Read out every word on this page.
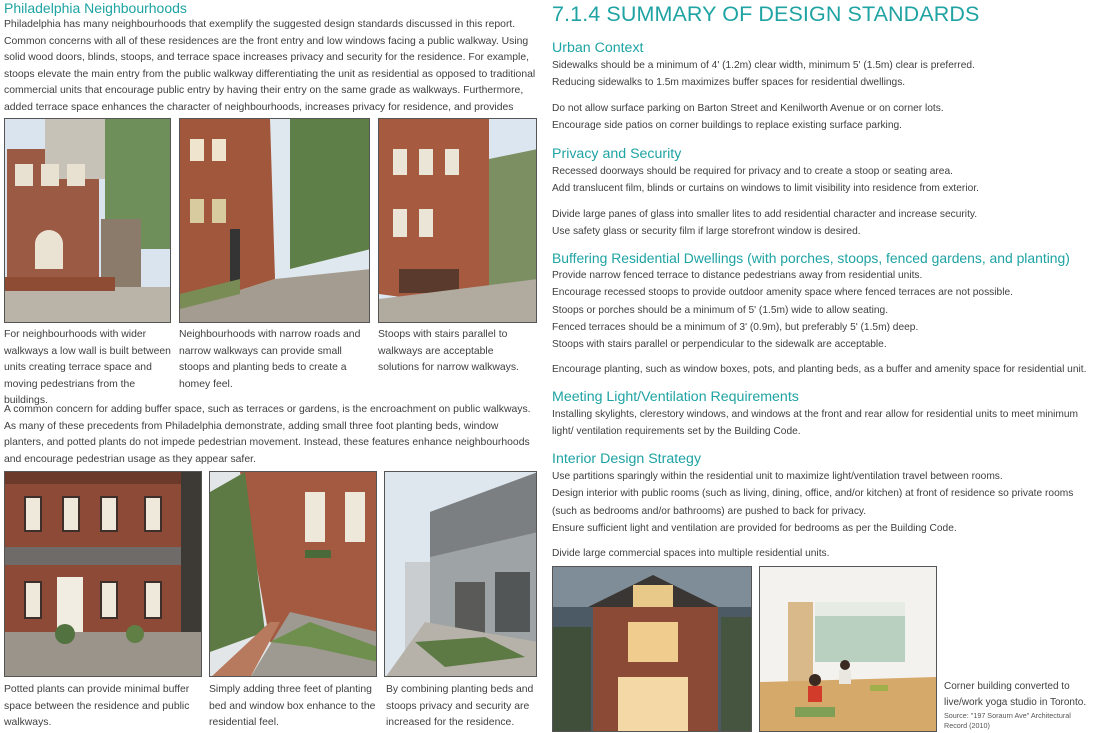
Philadelphia Neighbourhoods

Philadelphia has many neighbourhoods that exemplify the suggested design standards discussed in this report. Common concerns with all of these residences are the front entry and low windows facing a public walkway. Using solid wood doors, blinds, stoops, and terrace space increases privacy and security for the residence. For example, stoops elevate the main entry from the public walkway differentiating the unit as residential as opposed to traditional commercial units that encourage public entry by having their entry on the same grade as walkways. Furthermore, added terrace space enhances the character of neighbourhoods, increases privacy for residence, and provides

For neighbourhoods with wider walkways a low wall is built between units creating terrace space and moving pedestrians from the buildings.

Neighbourhoods with narrow roads and narrow walkways can provide small stoops and planting beds to create a homey feel.

Stoops with stairs parallel to walkways are acceptable solutions for narrow walkways.

A common concern for adding buffer space, such as terraces or gardens, is the encroachment on public walkways. As many of these precedents from Philadelphia demonstrate, adding small three foot planting beds, window planters, and potted plants do not impede pedestrian movement. Instead, these features enhance neighbourhoods and encourage pedestrian usage as they appear safer.

Potted plants can provide minimal buffer space between the residence and public walkways.

Simply adding three feet of planting bed and window box enhance to the residential feel.

By combining planting beds and stoops privacy and security are increased for the residence.

7.1.4 SUMMARY OF DESIGN STANDARDS
Urban Context

Sidewalks should be a minimum of 4' (1.2m) clear width, minimum 5' (1.5m) clear is preferred.

Reducing sidewalks to 1.5m maximizes buffer spaces for residential dwellings.

Do not allow surface parking on Barton Street and Kenilworth Avenue or on corner lots.

Encourage side patios on corner buildings to replace existing surface parking.

Privacy and Security

Recessed doorways should be required for privacy and to create a stoop or seating area.

Add translucent film, blinds or curtains on windows to limit visibility into residence from exterior.

Divide large panes of glass into smaller lites to add residential character and increase security.

Use safety glass or security film if large storefront window is desired.

Buffering Residential Dwellings (with porches, stoops, fenced gardens, and planting)

Provide narrow fenced terrace to distance pedestrians away from residential units.

Encourage recessed stoops to provide outdoor amenity space where fenced terraces are not possible.

Stoops or porches should be a minimum of 5' (1.5m) wide to allow seating.

Fenced terraces should be a minimum of 3' (0.9m), but preferably 5' (1.5m) deep.

Stoops with stairs parallel or perpendicular to the sidewalk are acceptable.

Encourage planting, such as window boxes, pots, and planting beds, as a buffer and amenity space for residential unit.

Meeting Light/Ventilation Requirements

Installing skylights, clerestory windows, and windows at the front and rear allow for residential units to meet minimum light/ ventilation requirements set by the Building Code.

Interior Design Strategy

Use partitions sparingly within the residential unit to maximize light/ventilation travel between rooms.

Design interior with public rooms (such as living, dining, office, and/or kitchen) at front of residence so private rooms (such as bedrooms and/or bathrooms) are pushed to back for privacy.

Ensure sufficient light and ventilation are provided for bedrooms as per the Building Code.

Divide large commercial spaces into multiple residential units.

Corner building converted to live/work yoga studio in Toronto.

Source: "197 Soraurn Ave" Architectural Record (2010)
